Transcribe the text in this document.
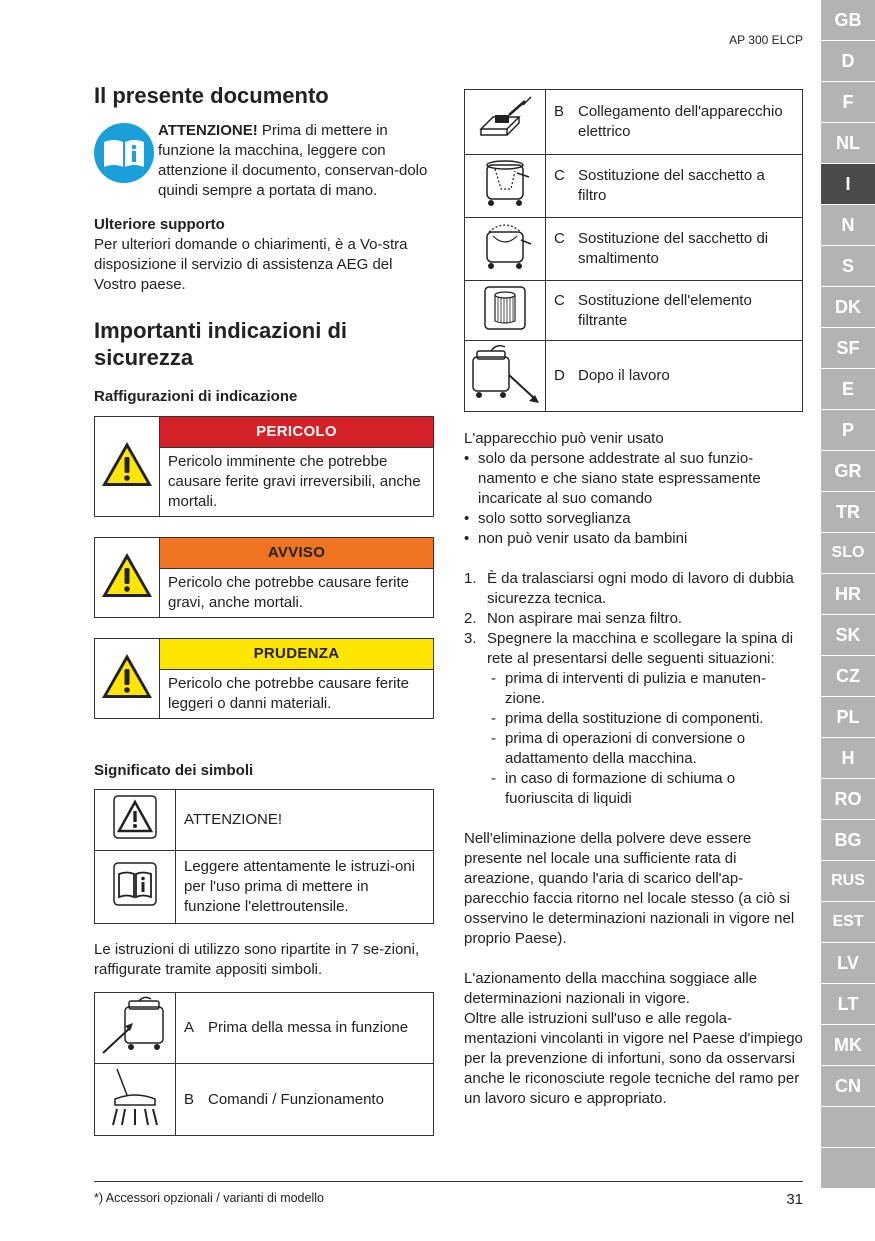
AP 300 ELCP
Il presente documento

ATTENZIONE! Prima di mettere in funzione la macchina, leggere con attenzione il documento, conservan-dolo quindi sempre a portata di mano.

Ulteriore supporto

Per ulteriori domande o chiarimenti, è a Vo-stra disposizione il servizio di assistenza AEG del Vostro paese.

Importanti indicazioni di sicurezza

Raffigurazioni di indicazione

	PERICOLO
Pericolo imminente che potrebbe causare ferite gravi irreversibili, anche mortali.
	AVVISO
Pericolo che potrebbe causare ferite gravi, anche mortali.
	PRUDENZA
Pericolo che potrebbe causare ferite leggeri o danni materiali.

Significato dei simboli

	ATTENZIONE!
	Leggere attentamente le istruzi-oni per l'uso prima di mettere in funzione l'elettroutensile.

Le istruzioni di utilizzo sono ripartite in 7 se-zioni, raffigurate tramite appositi simboli.

A Prima della messa in funzione

B Comandi / Funzionamento

B Collegamento dell'apparecchio elettrico

C Sostituzione del sacchetto a filtro

C Sostituzione del sacchetto di smaltimento

C Sostituzione dell'elemento filtrante

D Dopo il lavoro

L'apparecchio può venir usato

• solo da persone addestrate al suo funzio-namento e che siano state espressamente incaricate al suo comando
• solo sotto sorveglianza
• non può venir usato da bambini
1. È da tralasciarsi ogni modo di lavoro di dubbia sicurezza tecnica.
2. Non aspirare mai senza filtro.
3. Spegnere la macchina e scollegare la spina di rete al presentarsi delle seguenti situazioni:
- prima di interventi di pulizia e manuten-zione.
- prima della sostituzione di componenti.
- prima di operazioni di conversione o adattamento della macchina.
- in caso di formazione di schiuma o fuoriuscita di liquidi

Nell'eliminazione della polvere deve essere presente nel locale una sufficiente rata di areazione, quando l'aria di scarico dell'ap-parecchio faccia ritorno nel locale stesso (a ciò si osservino le determinazioni nazionali in vigore nel proprio Paese).

L'azionamento della macchina soggiace alle determinazioni nazionali in vigore.

Oltre alle istruzioni sull'uso e alle regola-mentazioni vincolanti in vigore nel Paese d'impiego per la prevenzione di infortuni, sono da osservarsi anche le riconosciute regole tecniche del ramo per un lavoro sicuro e appropriato.

GB
D
F
NL
I
N
S
DK
SF
E
P
GR
TR
SLO
HR
SK
CZ
PL
H
RO
BG
RUS
EST
LV
LT
MK
CN
*) Accessori opzionali / varianti di modello	31
